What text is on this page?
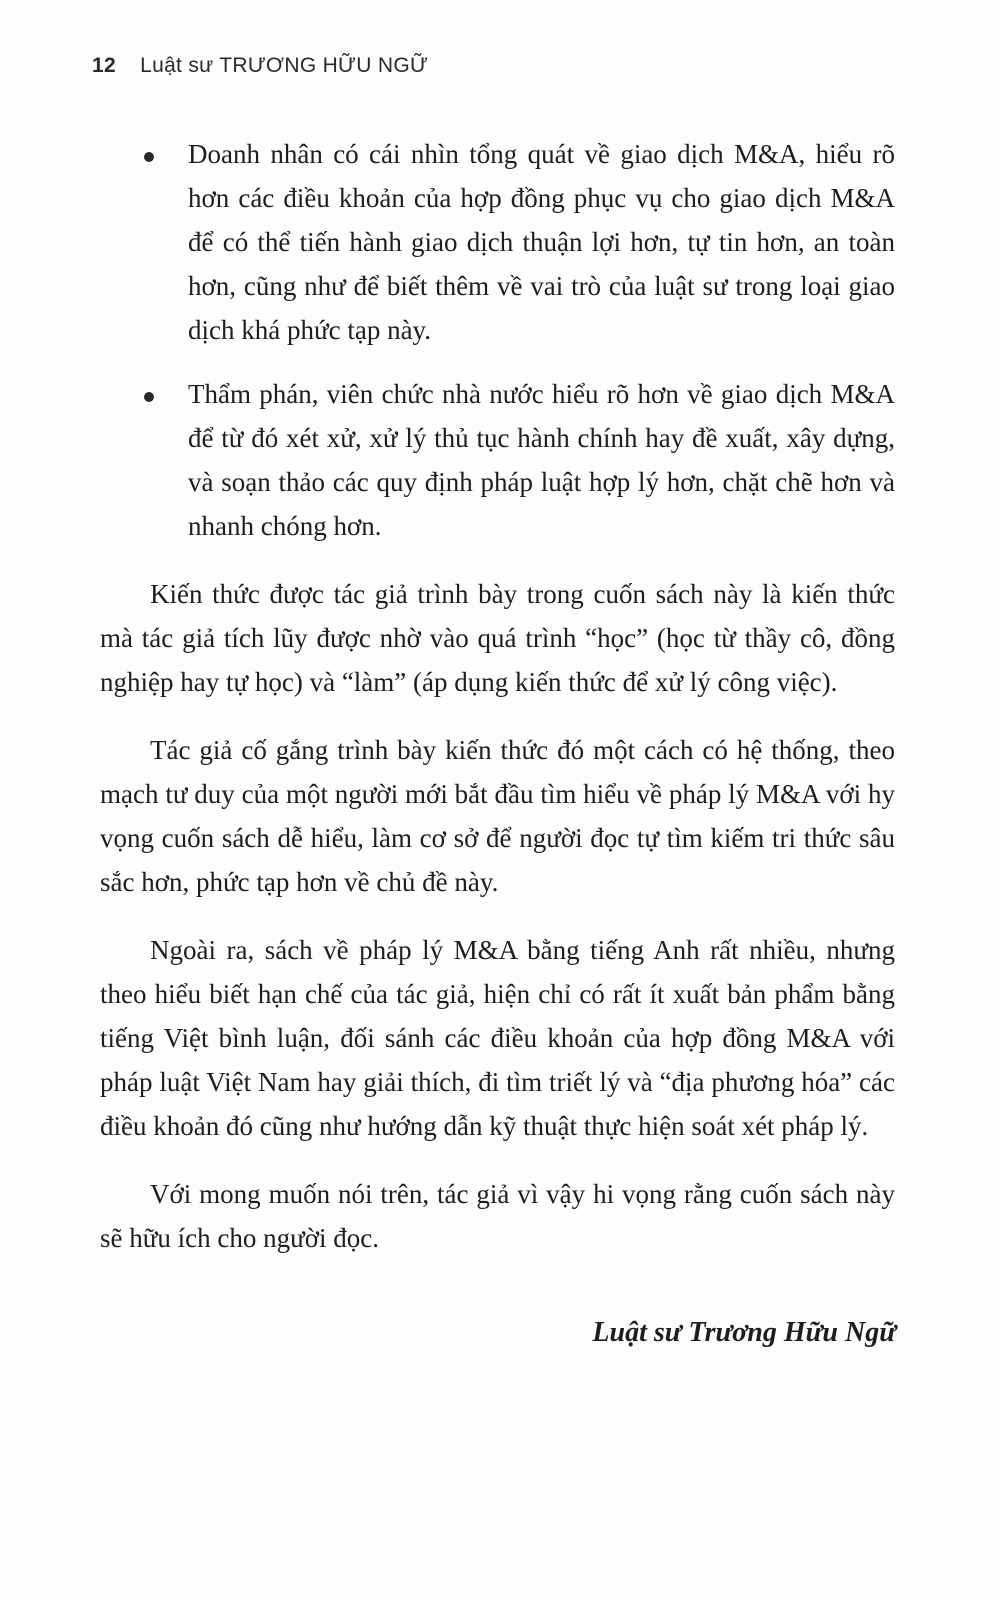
12 Luật sư TRƯƠNG HỮU NGỮ

Doanh nhân có cái nhìn tổng quát về giao dịch M&A, hiểu rõ hơn các điều khoản của hợp đồng phục vụ cho giao dịch M&A để có thể tiến hành giao dịch thuận lợi hơn, tự tin hơn, an toàn hơn, cũng như để biết thêm về vai trò của luật sư trong loại giao dịch khá phức tạp này.

Thẩm phán, viên chức nhà nước hiểu rõ hơn về giao dịch M&A để từ đó xét xử, xử lý thủ tục hành chính hay đề xuất, xây dựng, và soạn thảo các quy định pháp luật hợp lý hơn, chặt chẽ hơn và nhanh chóng hơn.

Kiến thức được tác giả trình bày trong cuốn sách này là kiến thức mà tác giả tích lũy được nhờ vào quá trình “học” (học từ thầy cô, đồng nghiệp hay tự học) và “làm” (áp dụng kiến thức để xử lý công việc).

Tác giả cố gắng trình bày kiến thức đó một cách có hệ thống, theo mạch tư duy của một người mới bắt đầu tìm hiểu về pháp lý M&A với hy vọng cuốn sách dễ hiểu, làm cơ sở để người đọc tự tìm kiếm tri thức sâu sắc hơn, phức tạp hơn về chủ đề này.

Ngoài ra, sách về pháp lý M&A bằng tiếng Anh rất nhiều, nhưng theo hiểu biết hạn chế của tác giả, hiện chỉ có rất ít xuất bản phẩm bằng tiếng Việt bình luận, đối sánh các điều khoản của hợp đồng M&A với pháp luật Việt Nam hay giải thích, đi tìm triết lý và “địa phương hóa” các điều khoản đó cũng như hướng dẫn kỹ thuật thực hiện soát xét pháp lý.

Với mong muốn nói trên, tác giả vì vậy hi vọng rằng cuốn sách này sẽ hữu ích cho người đọc.

Luật sư Trương Hữu Ngữ
